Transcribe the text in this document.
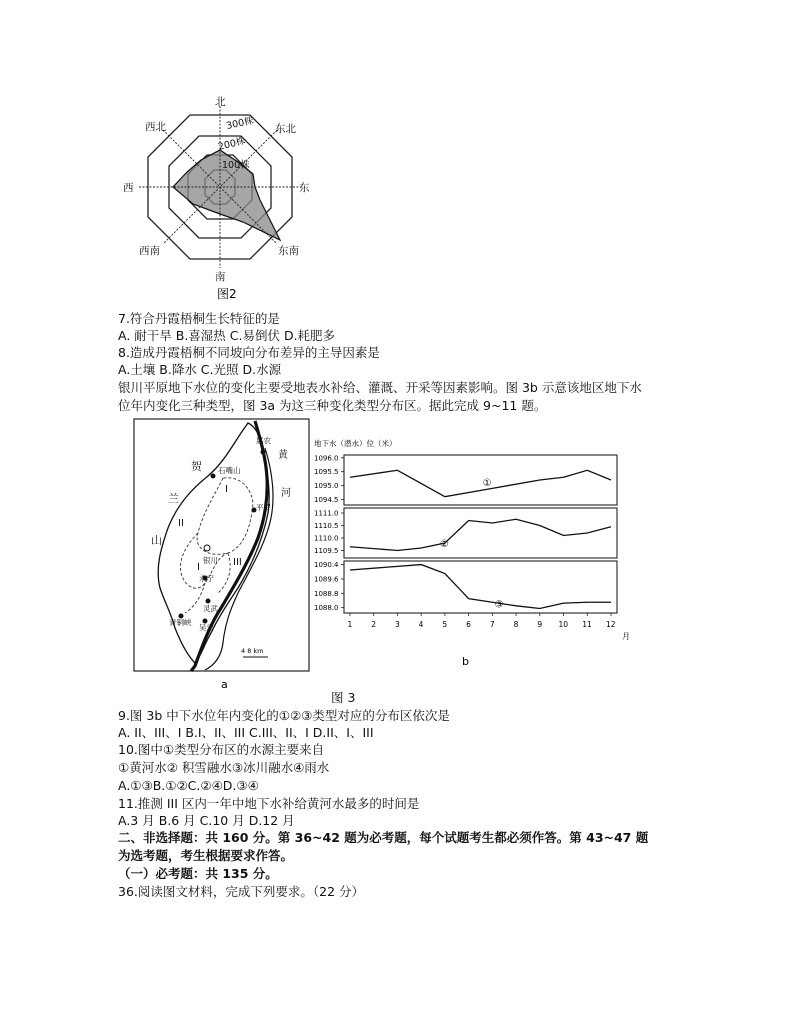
北
东北
东
东南
南
西南
西
西北	300株
200株
100株
图2
7.符合丹霞梧桐生长特征的是
A. 耐干旱 B.喜湿热 C.易倒伏 D.耗肥多
8.造成丹霞梧桐不同坡向分布差异的主导因素是
A.土壤 B.降水 C.光照 D.水源
银川平原地下水位的变化主要受地表水补给、灌溉、开采等因素影响。图 3b 示意该地区地下水
位年内变化三种类型，图 3a 为这三种变化类型分布区。据此完成 9~11 题。
惠农
黄
河
石嘴山
平罗
银川
永宁
灵武
吴忠
青铜峡
贺
兰
山
I
II
I	III
4 8 km
a
地下水（潜水）位（米）
1096.0
1095.5
1095.0
1094.5
①
1111.0
1110.5
1110.0
1109.5
②
1090.4
1089.6
1088.8
1088.0	③
1	2	3	4	5	6	7	8	9 10 11 12
月
b
图 3
9.图 3b 中下水位年内变化的①②③类型对应的分布区依次是
A. II、III、I B.I、II、III C.III、II、I D.II、I、III
10.图中①类型分布区的水源主要来自
①黄河水② 积雪融水③冰川融水④雨水
A.①③B.①②C.②④D.③④
11.推测 III 区内一年中地下水补给黄河水最多的时间是
A.3 月 B.6 月 C.10 月 D.12 月
二、非选择题：共 160 分。第 36~42 题为必考题，每个试题考生都必须作答。第 43~47 题
为选考题，考生根据要求作答。
（一）必考题：共 135 分。
36.阅读图文材料，完成下列要求。（22 分）
